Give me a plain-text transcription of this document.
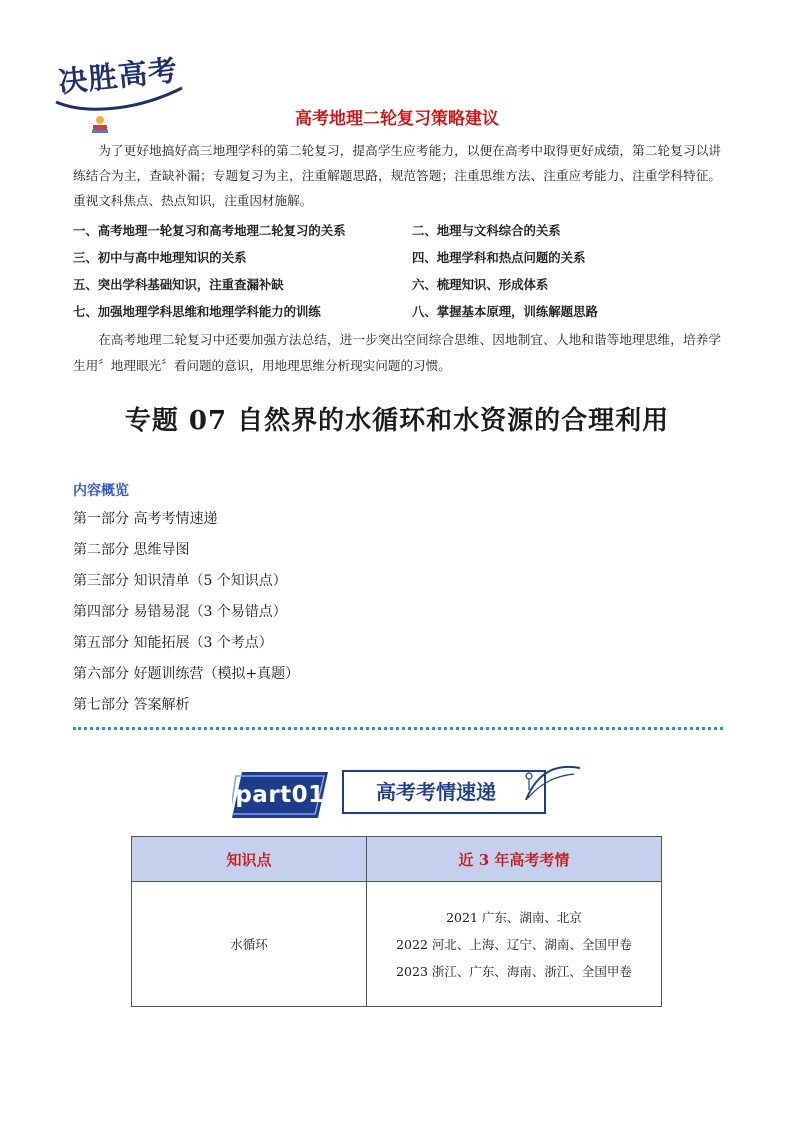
决胜高考
高考地理二轮复习策略建议

为了更好地搞好高三地理学科的第二轮复习，提高学生应考能力，以便在高考中取得更好成绩，第二轮复习以讲练结合为主，查缺补漏；专题复习为主，注重解题思路，规范答题；注重思维方法、注重应考能力、注重学科特征。重视文科焦点、热点知识，注重因材施解。

一、高考地理一轮复习和高考地理二轮复习的关系	二、地理与文科综合的关系
三、初中与高中地理知识的关系	四、地理学科和热点问题的关系
五、突出学科基础知识，注重查漏补缺	六、梳理知识、形成体系
七、加强地理学科思维和地理学科能力的训练	八、掌握基本原理，训练解题思路

在高考地理二轮复习中还要加强方法总结，进一步突出空间综合思维、因地制宜、人地和谐等地理思维，培养学生用〞地理眼光〞看问题的意识，用地理思维分析现实问题的习惯。

专题 07 自然界的水循环和水资源的合理利用
内容概览
第一部分 高考考情速递
第二部分 思维导图
第三部分 知识清单（5 个知识点）
第四部分 易错易混（3 个易错点）
第五部分 知能拓展（3 个考点）
第六部分 好题训练营（模拟+真题）
第七部分 答案解析
part01	高考考情速递
知识点	近 3 年高考考情
水循环	2021 广东、湖南、北京
2022 河北、上海、辽宁、湖南、全国甲卷
2023 浙江、广东、海南、浙江、全国甲卷
